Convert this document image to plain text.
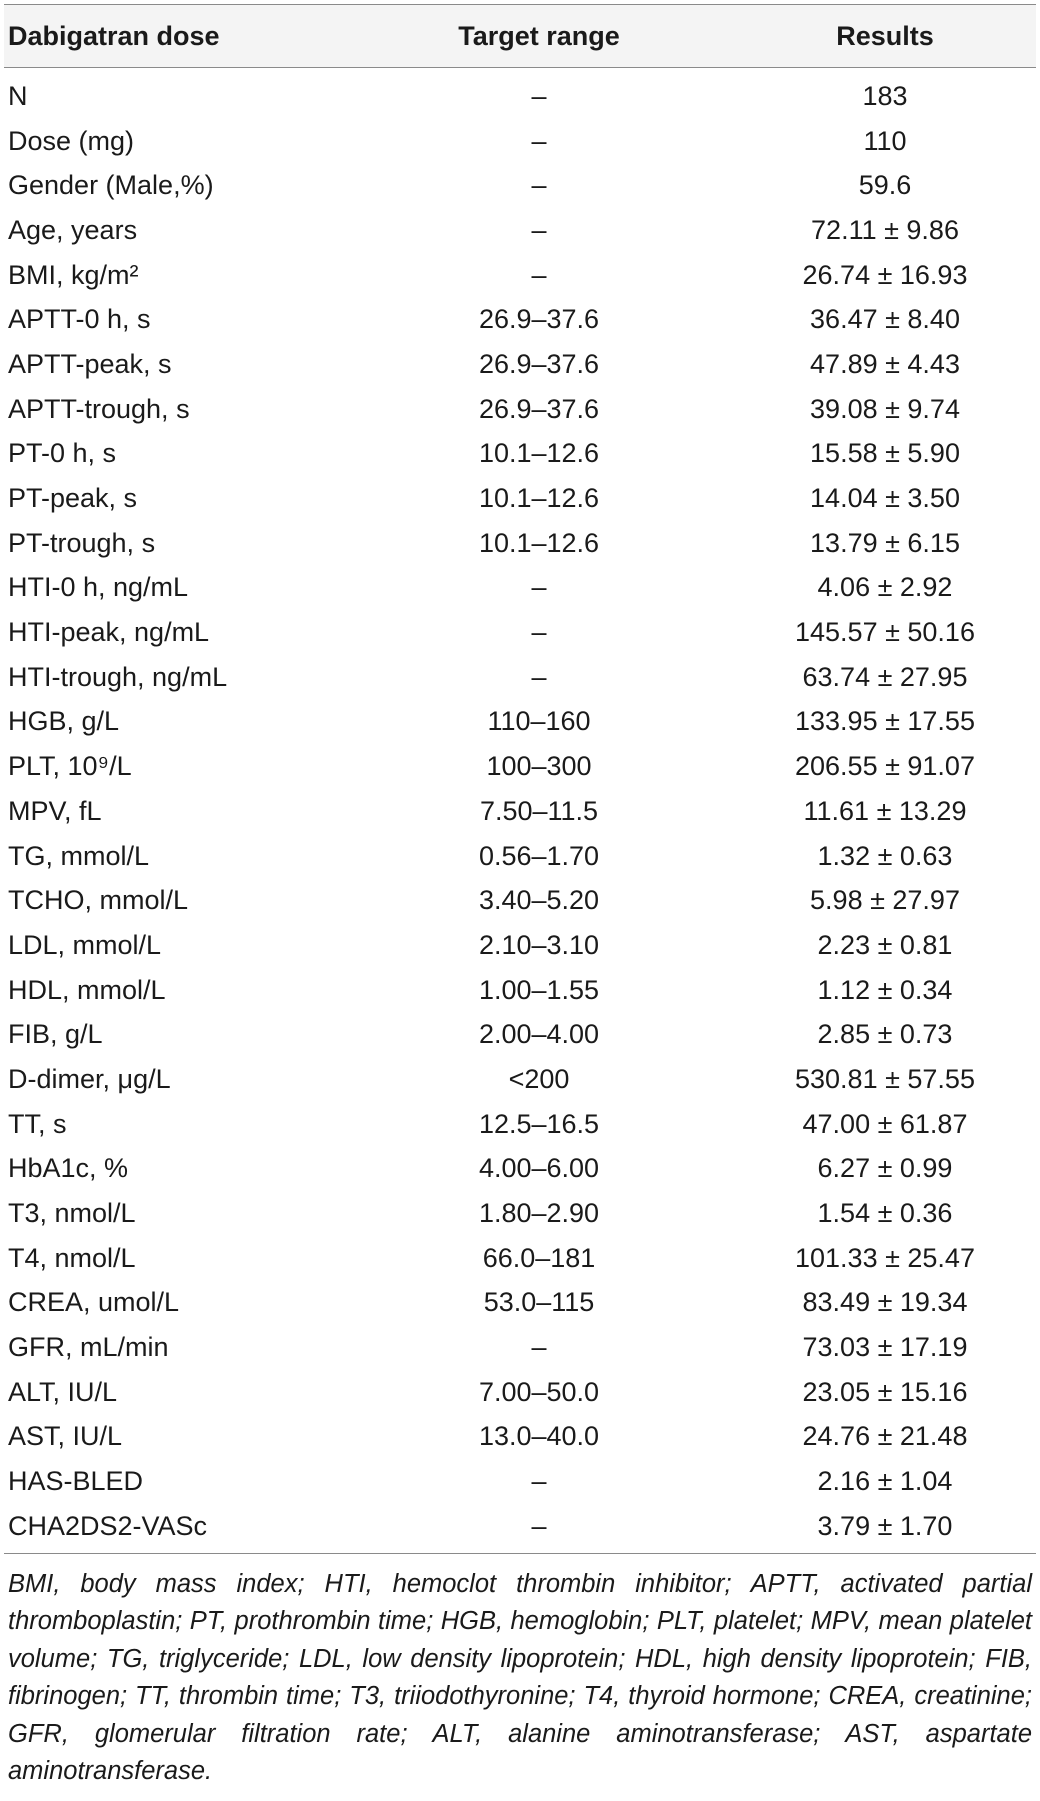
Dabigatran dose	Target range	Results
N	–	183
Dose (mg)	–	110
Gender (Male,%)	–	59.6
Age, years	–	72.11 ± 9.86
BMI, kg/m²	–	26.74 ± 16.93
APTT-0 h, s	26.9–37.6	36.47 ± 8.40
APTT-peak, s	26.9–37.6	47.89 ± 4.43
APTT-trough, s	26.9–37.6	39.08 ± 9.74
PT-0 h, s	10.1–12.6	15.58 ± 5.90
PT-peak, s	10.1–12.6	14.04 ± 3.50
PT-trough, s	10.1–12.6	13.79 ± 6.15
HTI-0 h, ng/mL	–	4.06 ± 2.92
HTI-peak, ng/mL	–	145.57 ± 50.16
HTI-trough, ng/mL	–	63.74 ± 27.95
HGB, g/L	110–160	133.95 ± 17.55
PLT, 10⁹/L	100–300	206.55 ± 91.07
MPV, fL	7.50–11.5	11.61 ± 13.29
TG, mmol/L	0.56–1.70	1.32 ± 0.63
TCHO, mmol/L	3.40–5.20	5.98 ± 27.97
LDL, mmol/L	2.10–3.10	2.23 ± 0.81
HDL, mmol/L	1.00–1.55	1.12 ± 0.34
FIB, g/L	2.00–4.00	2.85 ± 0.73
D-dimer, μg/L	<200	530.81 ± 57.55
TT, s	12.5–16.5	47.00 ± 61.87
HbA1c, %	4.00–6.00	6.27 ± 0.99
T3, nmol/L	1.80–2.90	1.54 ± 0.36
T4, nmol/L	66.0–181	101.33 ± 25.47
CREA, umol/L	53.0–115	83.49 ± 19.34
GFR, mL/min	–	73.03 ± 17.19
ALT, IU/L	7.00–50.0	23.05 ± 15.16
AST, IU/L	13.0–40.0	24.76 ± 21.48
HAS-BLED	–	2.16 ± 1.04
CHA2DS2-VASc	–	3.79 ± 1.70

BMI, body mass index; HTI, hemoclot thrombin inhibitor; APTT, activated partial thromboplastin; PT, prothrombin time; HGB, hemoglobin; PLT, platelet; MPV, mean platelet volume; TG, triglyceride; LDL, low density lipoprotein; HDL, high density lipoprotein; FIB, fibrinogen; TT, thrombin time; T3, triiodothyronine; T4, thyroid hormone; CREA, creatinine; GFR, glomerular filtration rate; ALT, alanine aminotransferase; AST, aspartate aminotransferase.
